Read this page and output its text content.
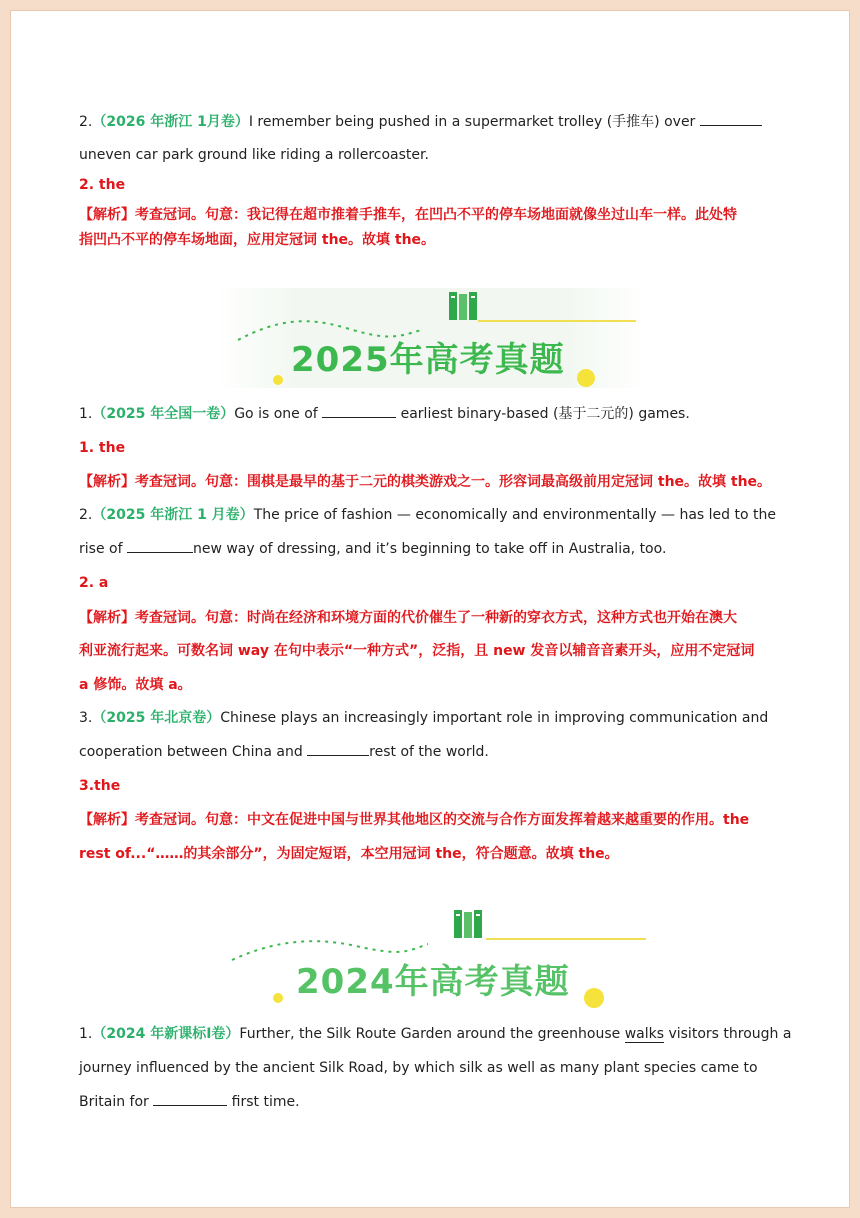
2.（2026 年浙江 1月卷）I remember being pushed in a supermarket trolley (手推车) over
uneven car park ground like riding a rollercoaster.
2. the
【解析】考查冠词。句意：我记得在超市推着手推车，在凹凸不平的停车场地面就像坐过山车一样。此处特
指凹凸不平的停车场地面，应用定冠词 the。故填 the。
2025年高考真题
1.（2025 年全国一卷）Go is one of	earliest binary-based (基于二元的) games.
1. the
【解析】考查冠词。句意：围棋是最早的基于二元的棋类游戏之一。形容词最高级前用定冠词 the。故填 the。
2.（2025 年浙江 1 月卷）The price of fashion — economically and environmentally — has led to the
rise of	new way of dressing, and it’s beginning to take off in Australia, too.
2. a
【解析】考查冠词。句意：时尚在经济和环境方面的代价催生了一种新的穿衣方式，这种方式也开始在澳大
利亚流行起来。可数名词 way 在句中表示“一种方式”，泛指，且 new 发音以辅音音素开头，应用不定冠词
a 修饰。故填 a。
3.（2025 年北京卷）Chinese plays an increasingly important role in improving communication and
cooperation between China and	rest of the world.
3.the
【解析】考查冠词。句意：中文在促进中国与世界其他地区的交流与合作方面发挥着越来越重要的作用。the
rest of...“……的其余部分”，为固定短语，本空用冠词 the，符合题意。故填 the。
2024年高考真题
1.（2024 年新课标I卷）Further, the Silk Route Garden around the greenhouse walks visitors through a
journey influenced by the ancient Silk Road, by which silk as well as many plant species came to
Britain for	first time.
